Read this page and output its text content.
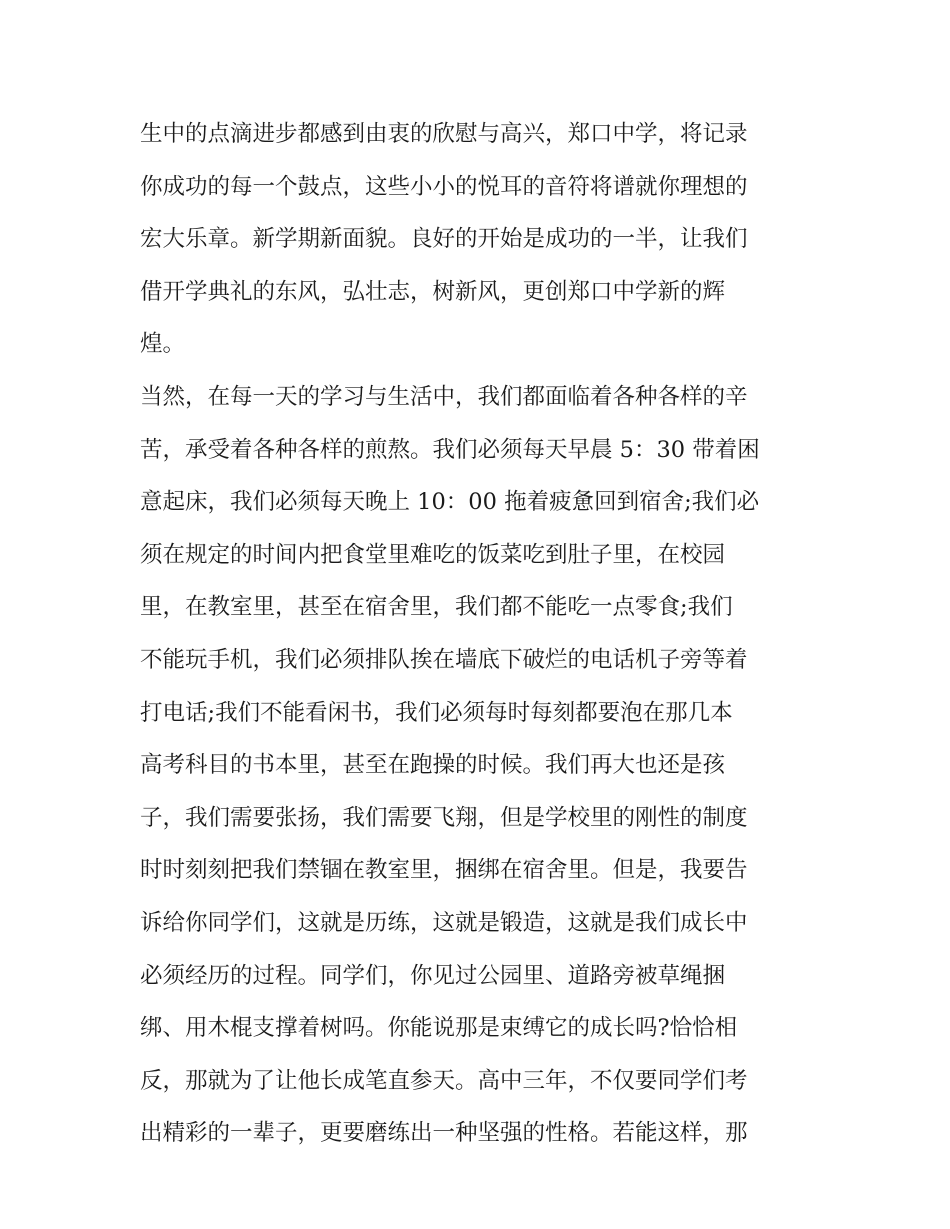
生中的点滴进步都感到由衷的欣慰与高兴，郑口中学，将记录
你成功的每一个鼓点，这些小小的悦耳的音符将谱就你理想的
宏大乐章。新学期新面貌。良好的开始是成功的一半，让我们
借开学典礼的东风，弘壮志，树新风，更创郑口中学新的辉
煌。
当然，在每一天的学习与生活中，我们都面临着各种各样的辛
苦，承受着各种各样的煎熬。我们必须每天早晨 5：30 带着困
意起床，我们必须每天晚上 10：00 拖着疲惫回到宿舍;我们必
须在规定的时间内把食堂里难吃的饭菜吃到肚子里，在校园
里，在教室里，甚至在宿舍里，我们都不能吃一点零食;我们
不能玩手机，我们必须排队挨在墙底下破烂的电话机子旁等着
打电话;我们不能看闲书，我们必须每时每刻都要泡在那几本
高考科目的书本里，甚至在跑操的时候。我们再大也还是孩
子，我们需要张扬，我们需要飞翔，但是学校里的刚性的制度
时时刻刻把我们禁锢在教室里，捆绑在宿舍里。但是，我要告
诉给你同学们，这就是历练，这就是锻造，这就是我们成长中
必须经历的过程。同学们，你见过公园里、道路旁被草绳捆
绑、用木棍支撑着树吗。你能说那是束缚它的成长吗?恰恰相
反，那就为了让他长成笔直参天。高中三年，不仅要同学们考
出精彩的一辈子，更要磨练出一种坚强的性格。若能这样，那
